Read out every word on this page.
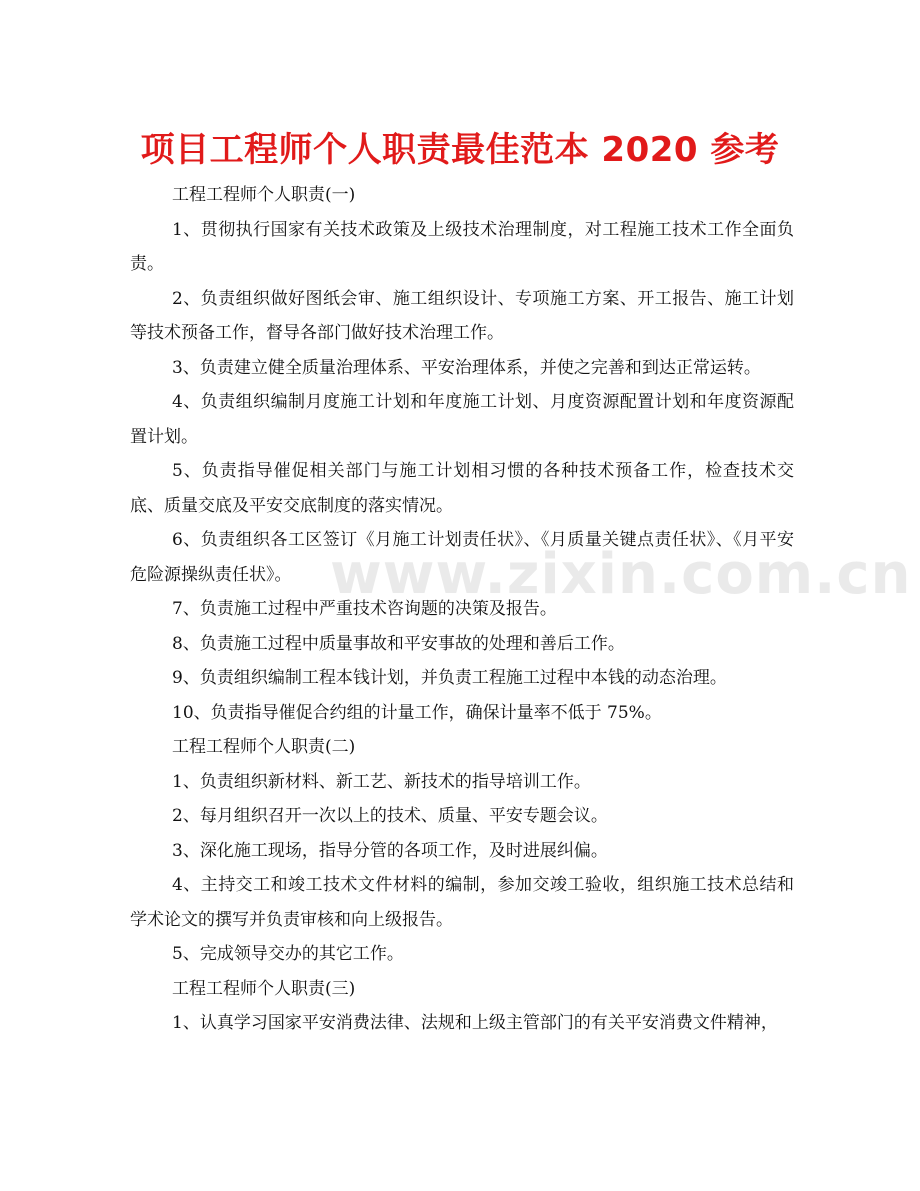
项目工程师个人职责最佳范本 2020 参考
www.zixin.com.cn

工程工程师个人职责(一)

1、贯彻执行国家有关技术政策及上级技术治理制度，对工程施工技术工作全面负责。

2、负责组织做好图纸会审、施工组织设计、专项施工方案、开工报告、施工计划等技术预备工作，督导各部门做好技术治理工作。

3、负责建立健全质量治理体系、平安治理体系，并使之完善和到达正常运转。

4、负责组织编制月度施工计划和年度施工计划、月度资源配置计划和年度资源配置计划。

5、负责指导催促相关部门与施工计划相习惯的各种技术预备工作，检查技术交底、质量交底及平安交底制度的落实情况。

6、负责组织各工区签订《月施工计划责任状》、《月质量关键点责任状》、《月平安危险源操纵责任状》。

7、负责施工过程中严重技术咨询题的决策及报告。

8、负责施工过程中质量事故和平安事故的处理和善后工作。

9、负责组织编制工程本钱计划，并负责工程施工过程中本钱的动态治理。

10、负责指导催促合约组的计量工作，确保计量率不低于 75%。

工程工程师个人职责(二)

1、负责组织新材料、新工艺、新技术的指导培训工作。

2、每月组织召开一次以上的技术、质量、平安专题会议。

3、深化施工现场，指导分管的各项工作，及时进展纠偏。

4、主持交工和竣工技术文件材料的编制，参加交竣工验收，组织施工技术总结和学术论文的撰写并负责审核和向上级报告。

5、完成领导交办的其它工作。

工程工程师个人职责(三)

1、认真学习国家平安消费法律、法规和上级主管部门的有关平安消费文件精神，
